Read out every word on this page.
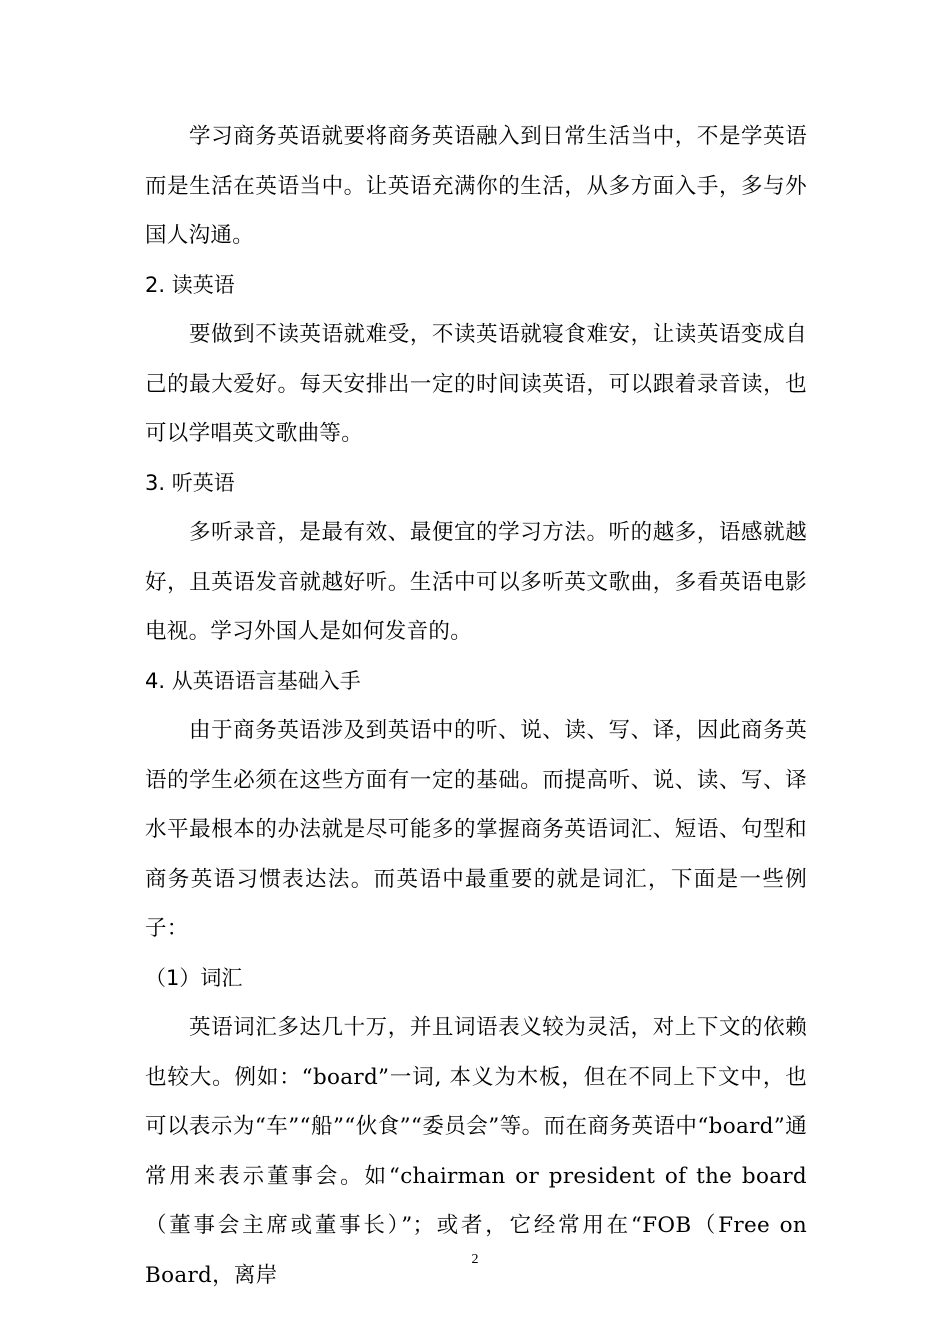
学习商务英语就要将商务英语融入到日常生活当中，不是学英语而是生活在英语当中。让英语充满你的生活，从多方面入手，多与外国人沟通。

2. 读英语

要做到不读英语就难受，不读英语就寝食难安，让读英语变成自己的最大爱好。每天安排出一定的时间读英语，可以跟着录音读，也可以学唱英文歌曲等。

3. 听英语

多听录音，是最有效、最便宜的学习方法。听的越多，语感就越好，且英语发音就越好听。生活中可以多听英文歌曲，多看英语电影电视。学习外国人是如何发音的。

4. 从英语语言基础入手

由于商务英语涉及到英语中的听、说、读、写、译，因此商务英语的学生必须在这些方面有一定的基础。而提高听、说、读、写、译水平最根本的办法就是尽可能多的掌握商务英语词汇、短语、句型和商务英语习惯表达法。而英语中最重要的就是词汇，下面是一些例子：

（1）词汇

英语词汇多达几十万，并且词语表义较为灵活，对上下文的依赖也较大。例如：“board”一词, 本义为木板，但在不同上下文中，也可以表示为“车”“船”“伙食”“委员会”等。而在商务英语中“board”通常用来表示董事会。如“chairman or president of the board（董事会主席或董事长）”；或者，它经常用在“FOB（Free on Board，离岸

2
